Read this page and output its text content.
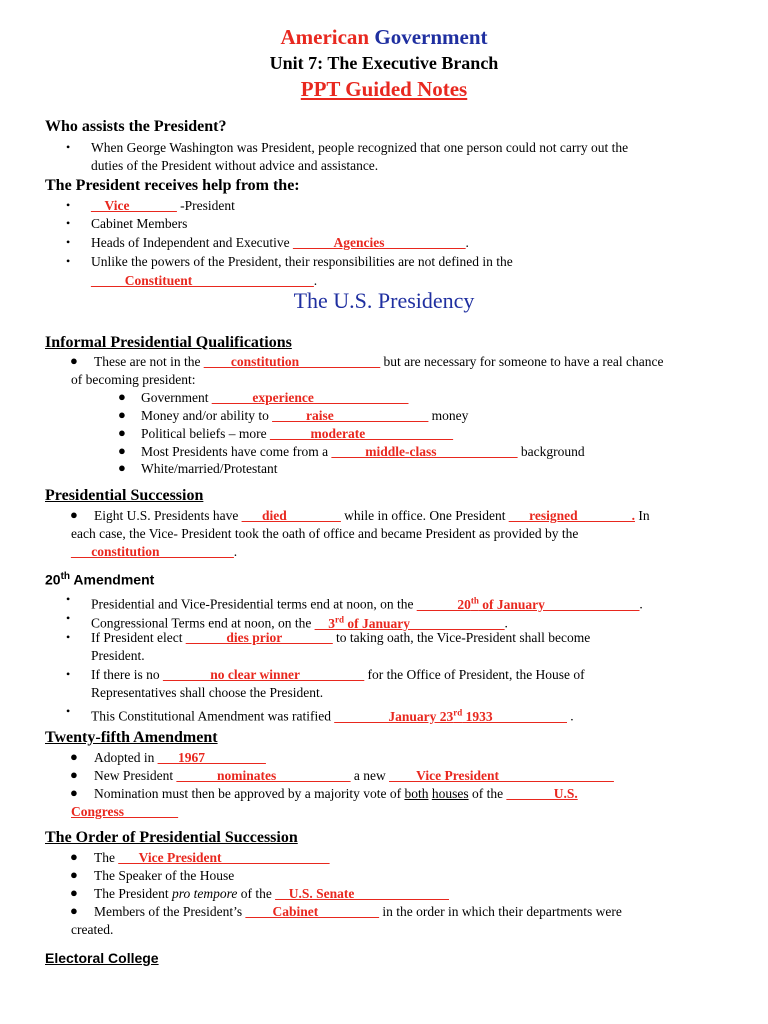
American Government
Unit 7: The Executive Branch
PPT Guided Notes
Who assists the President?
• When George Washington was President, people recognized that one person could not carry out the
duties of the President without advice and assistance.
The President receives help from the:
• __Vice_______ -President
• Cabinet Members
• Heads of Independent and Executive ______Agencies____________.
• Unlike the powers of the President, their responsibilities are not defined in the
_____Constituent__________________.
The U.S. Presidency
Informal Presidential Qualifications
● These are not in the ____constitution____________ but are necessary for someone to have a real chance
of becoming president:
● Government ______experience______________
● Money and/or ability to _____raise______________ money
● Political beliefs – more ______moderate_____________
● Most Presidents have come from a _____middle-class____________ background
● White/married/Protestant
Presidential Succession
● Eight U.S. Presidents have ___died________ while in office. One President ___resigned________. In
each case, the Vice- President took the oath of office and became President as provided by the
___constitution___________.
20th Amendment
• Presidential and Vice-Presidential terms end at noon, on the ______20th of January______________.
• Congressional Terms end at noon, on the __3rd of January______________.
• If President elect ______dies prior _______ to taking oath, the Vice-President shall become
President.
• If there is no _______no clear winner________ _ for the Office of President, the House of
Representatives shall choose the President.
• This Constitutional Amendment was ratified ________January 23rd 1933___________ .
Twenty-fifth Amendment
● Adopted in ___1967_________
● New President ______nominates___________ a new ____Vice President_________________
● Nomination must then be approved by a majority vote of both houses of the _______U.S.
Congress________
The Order of Presidential Succession
● The ___Vice President________________
● The Speaker of the House
● The President pro tempore of the __U.S. Senate______________
● Members of the President’s ____Cabinet_________ in the order in which their departments were
created.
Electoral College
